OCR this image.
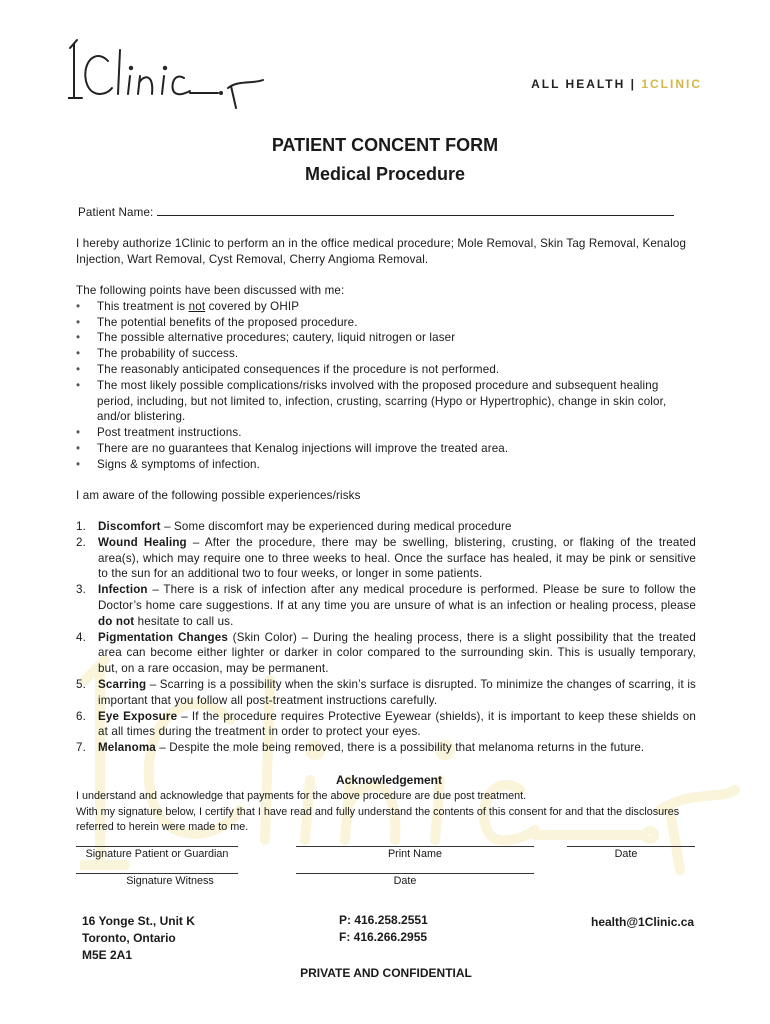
ALL HEALTH | 1CLINIC
PATIENT CONCENT FORM
Medical Procedure
Patient Name:
I hereby authorize 1Clinic to perform an in the office medical procedure; Mole Removal, Skin Tag Removal, Kenalog Injection, Wart Removal, Cyst Removal, Cherry Angioma Removal.
The following points have been discussed with me:
• This treatment is not covered by OHIP
• The potential benefits of the proposed procedure.
• The possible alternative procedures; cautery, liquid nitrogen or laser
• The probability of success.
• The reasonably anticipated consequences if the procedure is not performed.
• The most likely possible complications/risks involved with the proposed procedure and subsequent healing period, including, but not limited to, infection, crusting, scarring (Hypo or Hypertrophic), change in skin color, and/or blistering.
• Post treatment instructions.
• There are no guarantees that Kenalog injections will improve the treated area.
• Signs & symptoms of infection.
I am aware of the following possible experiences/risks
1. Discomfort – Some discomfort may be experienced during medical procedure
2. Wound Healing – After the procedure, there may be swelling, blistering, crusting, or flaking of the treated area(s), which may require one to three weeks to heal. Once the surface has healed, it may be pink or sensitive to the sun for an additional two to four weeks, or longer in some patients.
3. Infection – There is a risk of infection after any medical procedure is performed. Please be sure to follow the Doctor’s home care suggestions. If at any time you are unsure of what is an infection or healing process, please do not hesitate to call us.
4. Pigmentation Changes (Skin Color) – During the healing process, there is a slight possibility that the treated area can become either lighter or darker in color compared to the surrounding skin. This is usually temporary, but, on a rare occasion, may be permanent.
5. Scarring – Scarring is a possibility when the skin’s surface is disrupted. To minimize the changes of scarring, it is important that you follow all post-treatment instructions carefully.
6. Eye Exposure – If the procedure requires Protective Eyewear (shields), it is important to keep these shields on at all times during the treatment in order to protect your eyes.
7. Melanoma – Despite the mole being removed, there is a possibility that melanoma returns in the future.
Acknowledgement
I understand and acknowledge that payments for the above procedure are due post treatment.
With my signature below, I certify that I have read and fully understand the contents of this consent for and that the disclosures referred to herein were made to me.
Signature Patient or Guardian	Print Name	Date
Signature Witness	Date
16 Yonge St., Unit K
Toronto, Ontario
M5E 2A1
P: 416.258.2551
F: 416.266.2955
health@1Clinic.ca
PRIVATE AND CONFIDENTIAL
